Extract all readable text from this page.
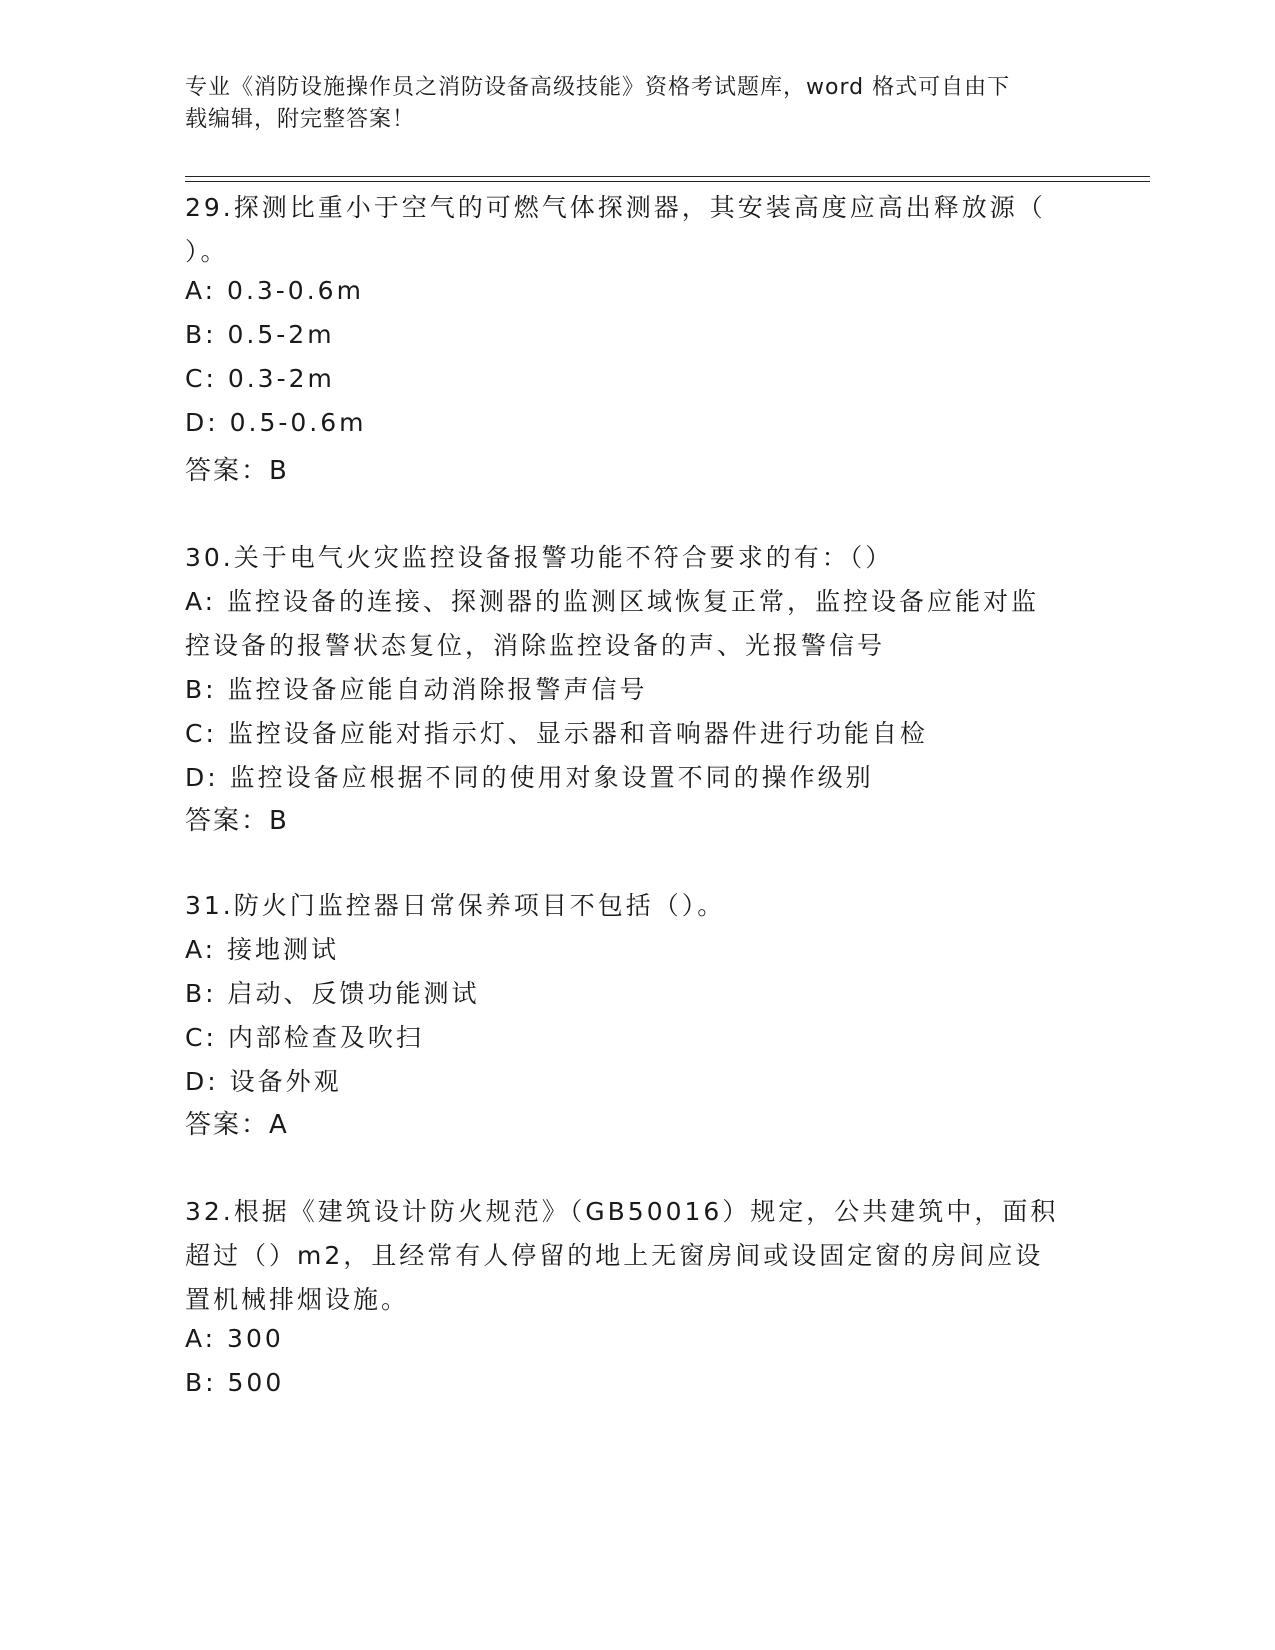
专业《消防设施操作员之消防设备高级技能》资格考试题库，word 格式可自由下
载编辑，附完整答案！
29.探测比重小于空气的可燃气体探测器，其安装高度应高出释放源（
）。
A: 0.3-0.6m
B: 0.5-2m
C: 0.3-2m
D: 0.5-0.6m
答案：B
30.关于电气火灾监控设备报警功能不符合要求的有：（）
A: 监控设备的连接、探测器的监测区域恢复正常，监控设备应能对监
控设备的报警状态复位，消除监控设备的声、光报警信号
B: 监控设备应能自动消除报警声信号
C: 监控设备应能对指示灯、显示器和音响器件进行功能自检
D: 监控设备应根据不同的使用对象设置不同的操作级别
答案：B
31.防火门监控器日常保养项目不包括（）。
A: 接地测试
B: 启动、反馈功能测试
C: 内部检查及吹扫
D: 设备外观
答案：A
32.根据《建筑设计防火规范》（GB50016）规定，公共建筑中，面积
超过（）m2，且经常有人停留的地上无窗房间或设固定窗的房间应设
置机械排烟设施。
A: 300
B: 500
